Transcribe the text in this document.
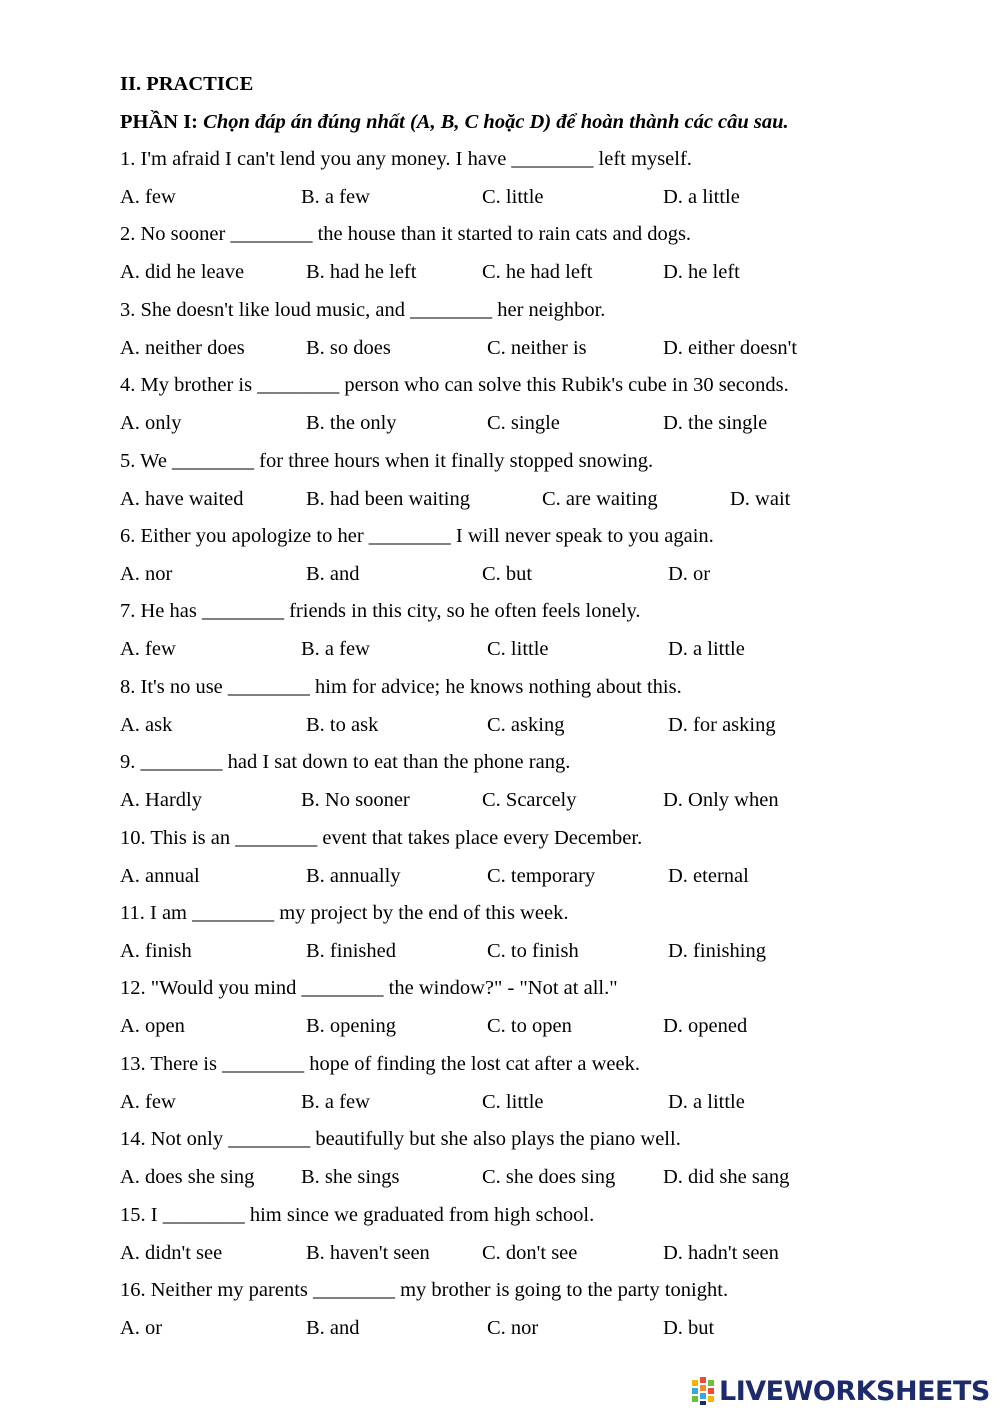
II. PRACTICE
PHẦN I: Chọn đáp án đúng nhất (A, B, C hoặc D) để hoàn thành các câu sau.
1. I'm afraid I can't lend you any money. I have ________ left myself.
A. few	B. a few	C. little	D. a little
2. No sooner ________ the house than it started to rain cats and dogs.
A. did he leave	B. had he left	C. he had left	D. he left
3. She doesn't like loud music, and ________ her neighbor.
A. neither does	B. so does	C. neither is	D. either doesn't
4. My brother is ________ person who can solve this Rubik's cube in 30 seconds.
A. only	B. the only	C. single	D. the single
5. We ________ for three hours when it finally stopped snowing.
A. have waited	B. had been waiting	C. are waiting	D. wait
6. Either you apologize to her ________ I will never speak to you again.
A. nor	B. and	C. but	D. or
7. He has ________ friends in this city, so he often feels lonely.
A. few	B. a few	C. little	D. a little
8. It's no use ________ him for advice; he knows nothing about this.
A. ask	B. to ask	C. asking	D. for asking
9. ________ had I sat down to eat than the phone rang.
A. Hardly	B. No sooner	C. Scarcely	D. Only when
10. This is an ________ event that takes place every December.
A. annual	B. annually	C. temporary	D. eternal
11. I am ________ my project by the end of this week.
A. finish	B. finished	C. to finish	D. finishing
12. "Would you mind ________ the window?" - "Not at all."
A. open	B. opening	C. to open	D. opened
13. There is ________ hope of finding the lost cat after a week.
A. few	B. a few	C. little	D. a little
14. Not only ________ beautifully but she also plays the piano well.
A. does she sing B. she sings	C. she does sing D. did she sang
15. I ________ him since we graduated from high school.
A. didn't see	B. haven't seen	C. don't see	D. hadn't seen
16. Neither my parents ________ my brother is going to the party tonight.
A. or	B. and	C. nor	D. but
LIVEWORKSHEETS
